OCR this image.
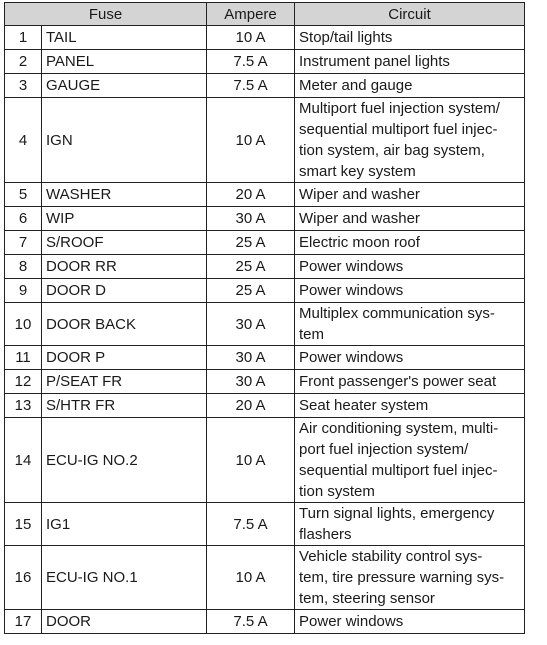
Fuse		Ampere	Circuit
1	TAIL	10 A	Stop/tail lights

2	PANEL	7.5 A	Instrument panel lights

3	GAUGE	7.5 A	Meter and gauge

4	IGN	10 A	Multiport fuel injection system/
sequential multiport fuel injec-
tion system, air bag system,
smart key system

5	WASHER	20 A	Wiper and washer

6	WIP	30 A	Wiper and washer

7	S/ROOF	25 A	Electric moon roof

8	DOOR RR	25 A	Power windows

9	DOOR D	25 A	Power windows

10	DOOR BACK	30 A	Multiplex communication sys-
tem

11	DOOR P	30 A	Power windows

12	P/SEAT FR	30 A	Front passenger's power seat

13	S/HTR FR	20 A	Seat heater system

14	ECU-IG NO.2	10 A	Air conditioning system, multi-
port fuel injection system/
sequential multiport fuel injec-
tion system

15	IG1	7.5 A	Turn signal lights, emergency
flashers

16	ECU-IG NO.1	10 A	Vehicle stability control sys-
tem, tire pressure warning sys-
tem, steering sensor

17	DOOR	7.5 A	Power windows
